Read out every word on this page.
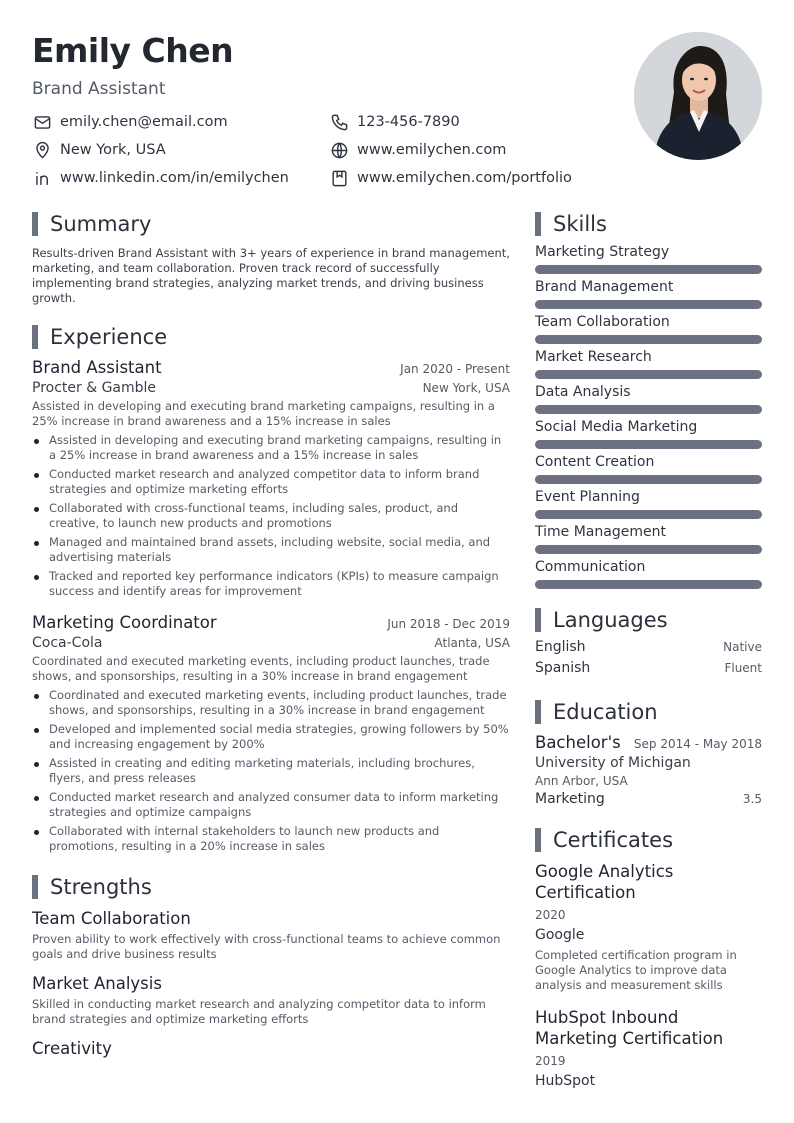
Emily Chen
Brand Assistant
emily.chen@email.com	123-456-7890
New York, USA	www.emilychen.com
www.linkedin.com/in/emilychen	www.emilychen.com/portfolio
Summary
Results-driven Brand Assistant with 3+ years of experience in brand management, marketing, and team collaboration. Proven track record of successfully implementing brand strategies, analyzing market trends, and driving business growth.
Experience
Brand Assistant	Jan 2020 - Present
Procter & Gamble	New York, USA
Assisted in developing and executing brand marketing campaigns, resulting in a 25% increase in brand awareness and a 15% increase in sales
Assisted in developing and executing brand marketing campaigns, resulting in a 25% increase in brand awareness and a 15% increase in sales
Conducted market research and analyzed competitor data to inform brand strategies and optimize marketing efforts
Collaborated with cross-functional teams, including sales, product, and creative, to launch new products and promotions
Managed and maintained brand assets, including website, social media, and advertising materials
Tracked and reported key performance indicators (KPIs) to measure campaign success and identify areas for improvement
Marketing Coordinator	Jun 2018 - Dec 2019
Coca-Cola	Atlanta, USA
Coordinated and executed marketing events, including product launches, trade shows, and sponsorships, resulting in a 30% increase in brand engagement
Coordinated and executed marketing events, including product launches, trade shows, and sponsorships, resulting in a 30% increase in brand engagement
Developed and implemented social media strategies, growing followers by 50% and increasing engagement by 200%
Assisted in creating and editing marketing materials, including brochures, flyers, and press releases
Conducted market research and analyzed consumer data to inform marketing strategies and optimize campaigns
Collaborated with internal stakeholders to launch new products and promotions, resulting in a 20% increase in sales
Strengths
Team Collaboration
Proven ability to work effectively with cross-functional teams to achieve common goals and drive business results
Market Analysis
Skilled in conducting market research and analyzing competitor data to inform brand strategies and optimize marketing efforts
Creativity
Skills
Marketing Strategy
Brand Management
Team Collaboration
Market Research
Data Analysis
Social Media Marketing
Content Creation
Event Planning
Time Management
Communication
Languages
English	Native
Spanish	Fluent
Education
Bachelor's Sep 2014 - May 2018
University of Michigan
Ann Arbor, USA
Marketing	3.5
Certificates
Google Analytics Certification
2020
Google
Completed certification program in Google Analytics to improve data analysis and measurement skills
HubSpot Inbound Marketing Certification
2019
HubSpot
